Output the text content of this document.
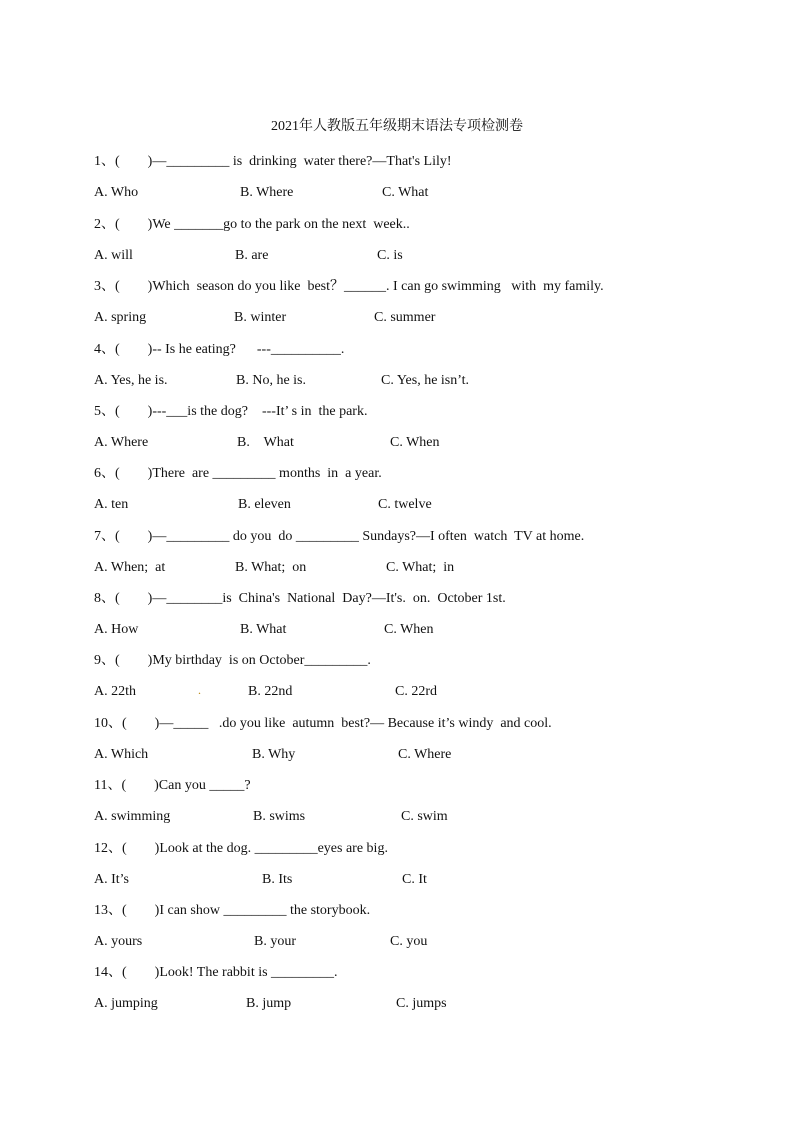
2021年人教版五年级期末语法专项检测卷
1、(        )—_________ is  drinking  water there?—That's Lily!
A. Who	B. Where	C. What
2、(        )We _______go to the park on the next  week..
A. will	B. are	C. is
3、(        )Which  season do you like  best？______. I can go swimming   with  my family.
A. spring	B. winter	C. summer
4、(        )-- Is he eating?      ---__________.
A. Yes, he is.	B. No, he is.	C. Yes, he isn’t.
5、(        )---___is the dog?    ---It’ s in  the park.
A. Where	B.    What	C. When
6、(        )There  are _________ months  in  a year.
A. ten	B. eleven	C. twelve
7、(        )—_________ do you  do _________ Sundays?—I often  watch  TV at home.
A. When;  at	B. What;  on	C. What;  in
8、(        )—________is  China's  National  Day?—It's.  on.  October 1st.
A. How	B. What	C. When
9、(        )My birthday  is on October_________.
A. 22th	B. 22nd	C. 22rd
10、(        )—_____   .do you like  autumn  best?— Because it’s windy  and cool.
A. Which	B. Why	C. Where
11、(        )Can you _____?
A. swimming	B. swims	C. swim
12、(        )Look at the dog. _________eyes are big.
A. It’s	B. Its	C. It
13、(        )I can show _________ the storybook.
A. yours	B. your	C. you
14、(        )Look! The rabbit is _________.
A. jumping	B. jump	C. jumps
.
